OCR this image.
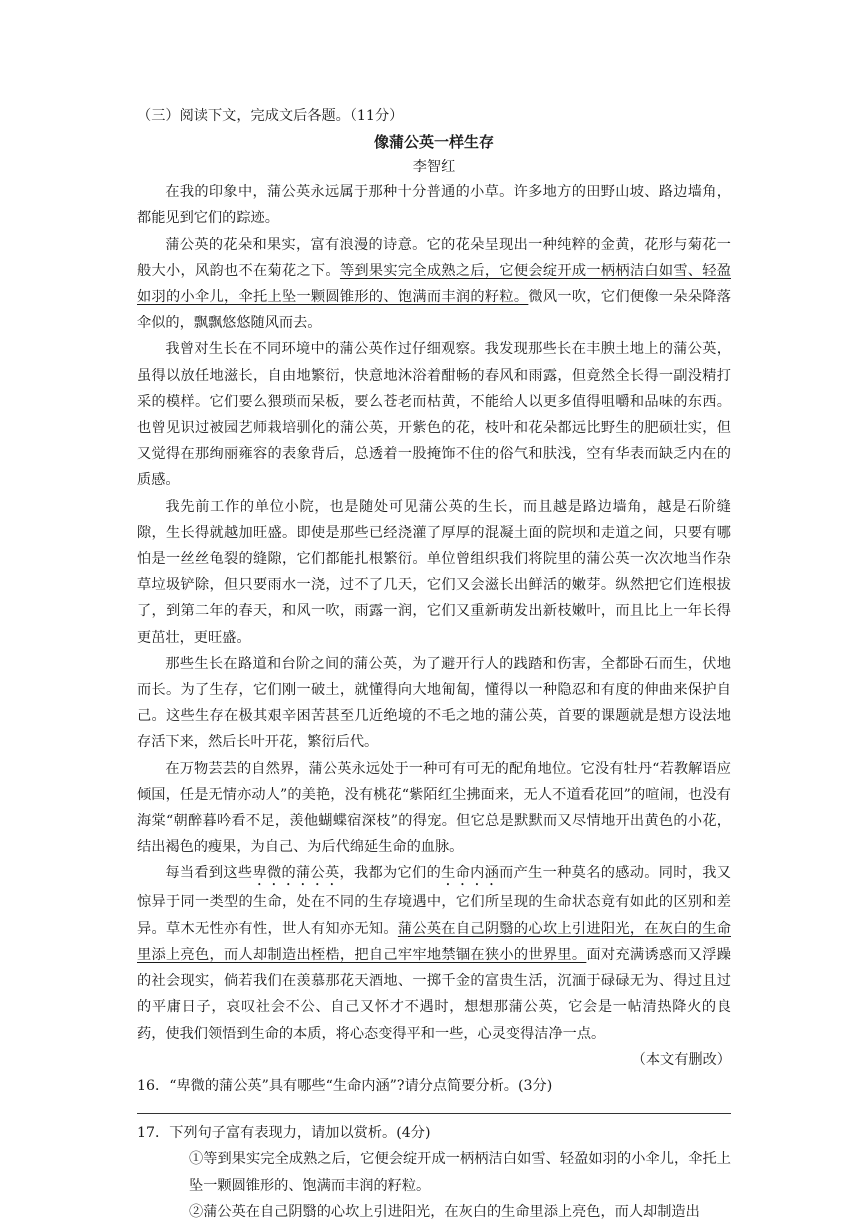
（三）阅读下文，完成文后各题。（11分）

像蒲公英一样生存

李智红

在我的印象中，蒲公英永远属于那种十分普通的小草。许多地方的田野山坡、路边墙角，都能见到它们的踪迹。

蒲公英的花朵和果实，富有浪漫的诗意。它的花朵呈现出一种纯粹的金黄，花形与菊花一般大小，风韵也不在菊花之下。等到果实完全成熟之后，它便会绽开成一柄柄洁白如雪、轻盈如羽的小伞儿，伞托上坠一颗圆锥形的、饱满而丰润的籽粒。微风一吹，它们便像一朵朵降落伞似的，飘飘悠悠随风而去。

我曾对生长在不同环境中的蒲公英作过仔细观察。我发现那些长在丰腴土地上的蒲公英，虽得以放任地滋长，自由地繁衍，快意地沐浴着酣畅的春风和雨露，但竟然全长得一副没精打采的模样。它们要么猥琐而呆板，要么苍老而枯黄，不能给人以更多值得咀嚼和品味的东西。也曾见识过被园艺师栽培驯化的蒲公英，开紫色的花，枝叶和花朵都远比野生的肥硕壮实，但又觉得在那绚丽雍容的表象背后，总透着一股掩饰不住的俗气和肤浅，空有华表而缺乏内在的质感。

我先前工作的单位小院，也是随处可见蒲公英的生长，而且越是路边墙角，越是石阶缝隙，生长得就越加旺盛。即使是那些已经浇灌了厚厚的混凝土面的院坝和走道之间，只要有哪怕是一丝丝龟裂的缝隙，它们都能扎根繁衍。单位曾组织我们将院里的蒲公英一次次地当作杂草垃圾铲除，但只要雨水一浇，过不了几天，它们又会滋长出鲜活的嫩芽。纵然把它们连根拔了，到第二年的春天，和风一吹，雨露一润，它们又重新萌发出新枝嫩叶，而且比上一年长得更茁壮，更旺盛。

那些生长在路道和台阶之间的蒲公英，为了避开行人的践踏和伤害，全都卧石而生，伏地而长。为了生存，它们刚一破土，就懂得向大地匍匐，懂得以一种隐忍和有度的伸曲来保护自己。这些生存在极其艰辛困苦甚至几近绝境的不毛之地的蒲公英，首要的课题就是想方设法地存活下来，然后长叶开花，繁衍后代。

在万物芸芸的自然界，蒲公英永远处于一种可有可无的配角地位。它没有牡丹“若教解语应倾国，任是无情亦动人”的美艳，没有桃花“紫陌红尘拂面来，无人不道看花回”的喧闹，也没有海棠“朝醉暮吟看不足，羡他蝴蝶宿深枝”的得宠。但它总是默默而又尽情地开出黄色的小花，结出褐色的瘦果，为自己、为后代绵延生命的血脉。

每当看到这些卑微的蒲公英，我都为它们的生命内涵而产生一种莫名的感动。同时，我又惊异于同一类型的生命，处在不同的生存境遇中，它们所呈现的生命状态竟有如此的区别和差异。草木无性亦有性，世人有知亦无知。蒲公英在自己阴翳的心坎上引进阳光，在灰白的生命里添上亮色，而人却制造出桎梏，把自己牢牢地禁锢在狭小的世界里。面对充满诱惑而又浮躁的社会现实，倘若我们在羡慕那花天酒地、一掷千金的富贵生活，沉湎于碌碌无为、得过且过的平庸日子，哀叹社会不公、自己又怀才不遇时，想想那蒲公英，它会是一帖清热降火的良药，使我们领悟到生命的本质，将心态变得平和一些，心灵变得洁净一点。

（本文有删改）

16．“卑微的蒲公英”具有哪些“生命内涵”?请分点简要分析。(3分)

17．下列句子富有表现力，请加以赏析。(4分)

①等到果实完全成熟之后，它便会绽开成一柄柄洁白如雪、轻盈如羽的小伞儿，伞托上坠一颗圆锥形的、饱满而丰润的籽粒。

②蒲公英在自己阴翳的心坎上引进阳光，在灰白的生命里添上亮色，而人却制造出
